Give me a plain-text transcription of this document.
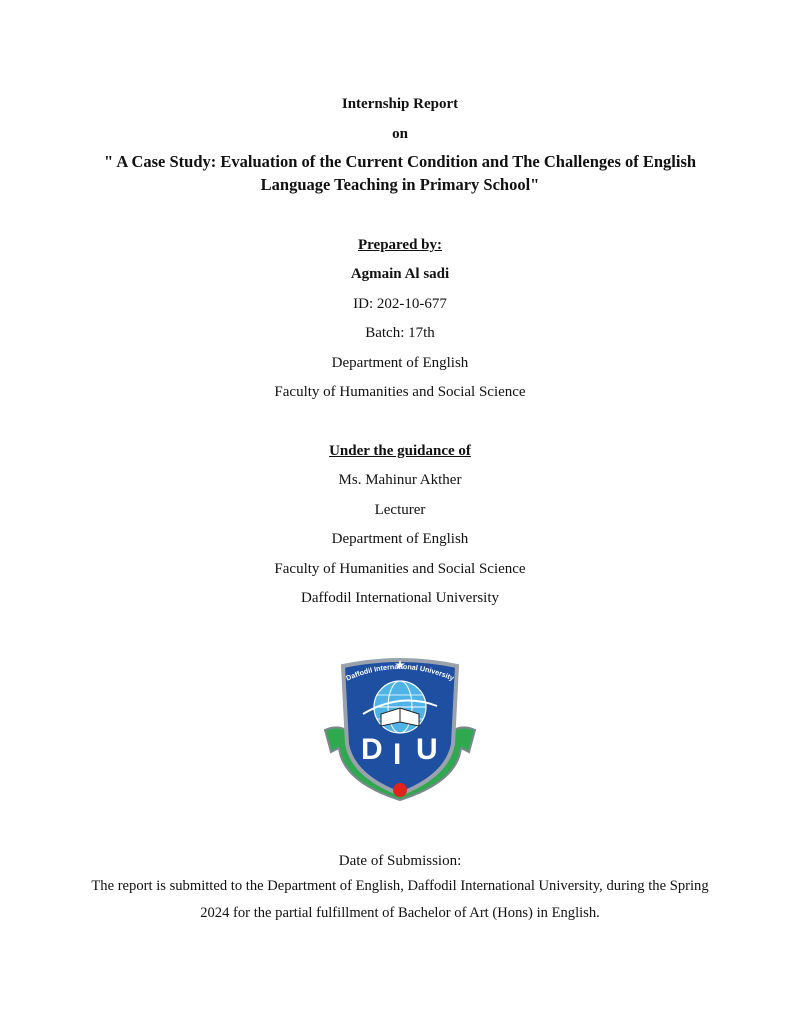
Internship Report
on
" A Case Study: Evaluation of the Current Condition and The Challenges of English
Language Teaching in Primary School"
Prepared by:
Agmain Al sadi
ID: 202-10-677
Batch: 17th
Department of English
Faculty of Humanities and Social Science
Under the guidance of
Ms. Mahinur Akther
Lecturer
Department of English
Faculty of Humanities and Social Science
Daffodil International University
Daffodil International University
D I U
Date of Submission:
The report is submitted to the Department of English, Daffodil International University, during the Spring
2024 for the partial fulfillment of Bachelor of Art (Hons) in English.
